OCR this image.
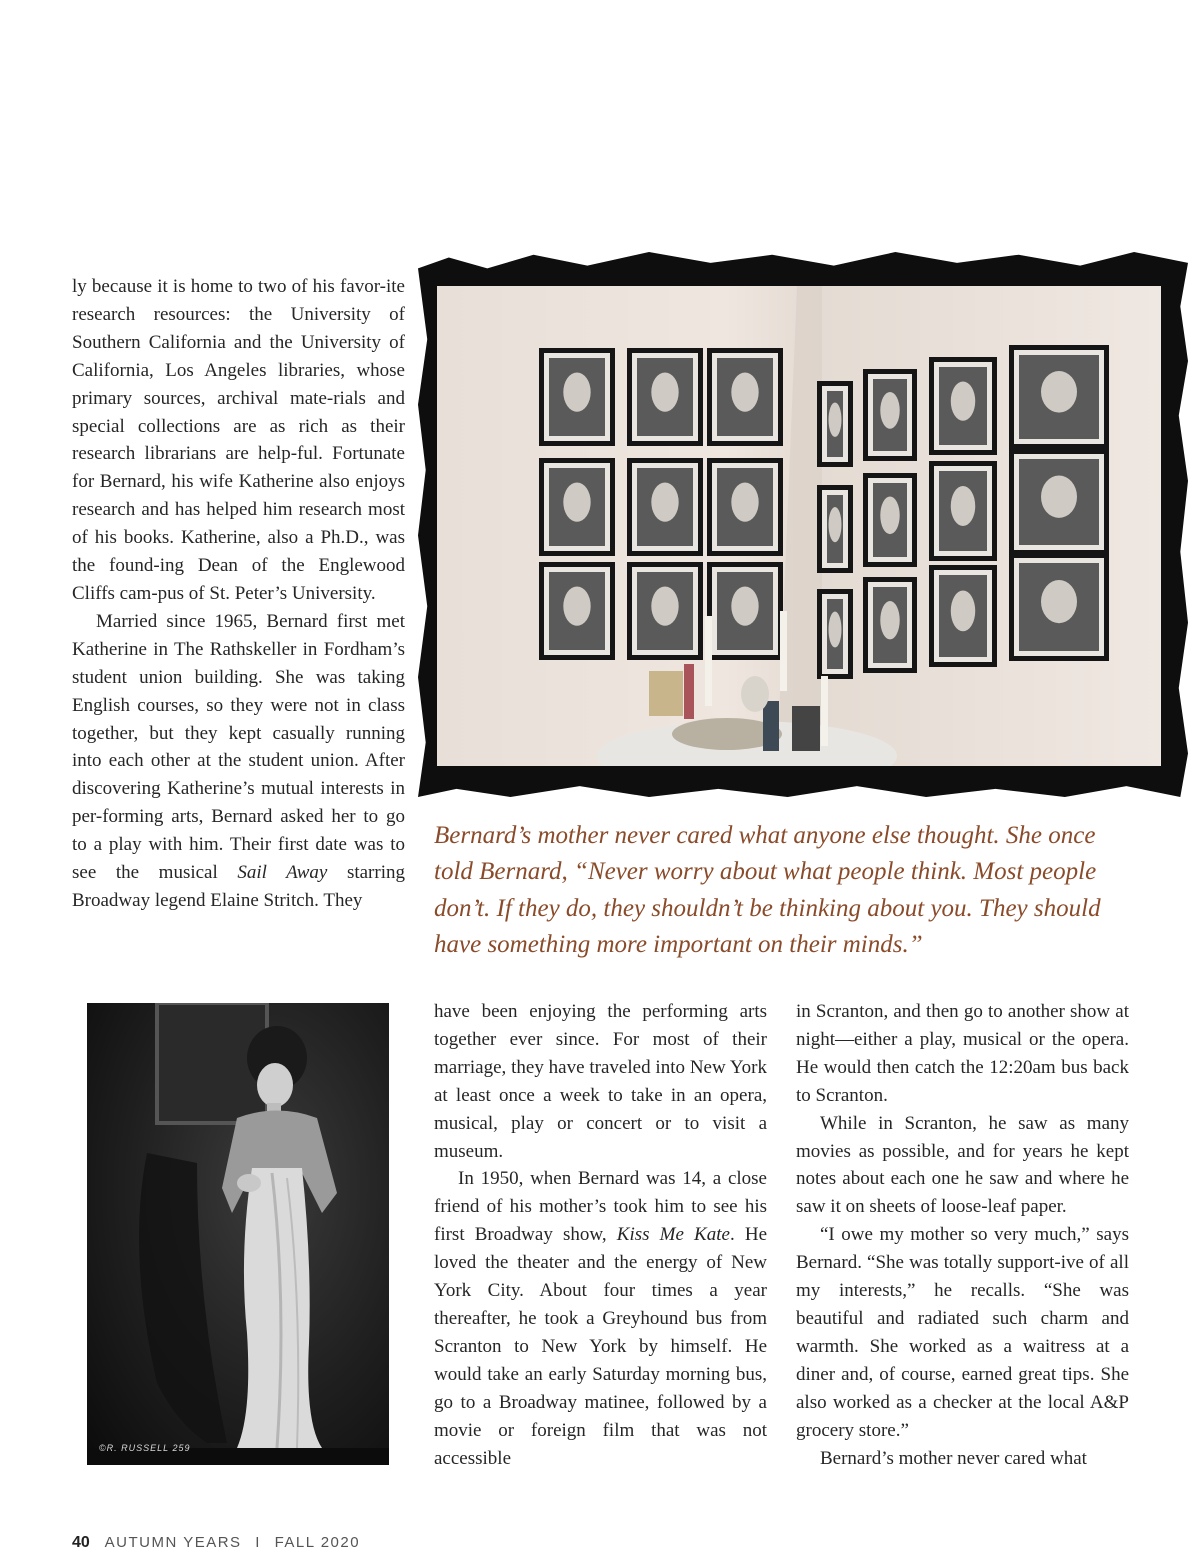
ly because it is home to two of his favor-ite research resources: the University of Southern California and the University of California, Los Angeles libraries, whose primary sources, archival mate-rials and special collections are as rich as their research librarians are help-ful. Fortunate for Bernard, his wife Katherine also enjoys research and has helped him research most of his books. Katherine, also a Ph.D., was the found-ing Dean of the Englewood Cliffs cam-pus of St. Peter’s University.

Married since 1965, Bernard first met Katherine in The Rathskeller in Fordham’s student union building. She was taking English courses, so they were not in class together, but they kept casually running into each other at the student union. After discovering Katherine’s mutual interests in per-forming arts, Bernard asked her to go to a play with him. Their first date was to see the musical Sail Away starring Broadway legend Elaine Stritch. They

Bernard’s mother never cared what anyone else thought. She once told Bernard, “Never worry about what people think. Most people don’t. If they do, they shouldn’t be thinking about you. They should have something more important on their minds.”
©R. RUSSELL 259

have been enjoying the performing arts together ever since. For most of their marriage, they have traveled into New York at least once a week to take in an opera, musical, play or concert or to visit a museum.

In 1950, when Bernard was 14, a close friend of his mother’s took him to see his first Broadway show, Kiss Me Kate. He loved the theater and the energy of New York City. About four times a year thereafter, he took a Greyhound bus from Scranton to New York by himself. He would take an early Saturday morning bus, go to a Broadway matinee, followed by a movie or foreign film that was not accessible

in Scranton, and then go to another show at night—either a play, musical or the opera. He would then catch the 12:20am bus back to Scranton.

While in Scranton, he saw as many movies as possible, and for years he kept notes about each one he saw and where he saw it on sheets of loose-leaf paper.

“I owe my mother so very much,” says Bernard. “She was totally support-ive of all my interests,” he recalls. “She was beautiful and radiated such charm and warmth. She worked as a waitress at a diner and, of course, earned great tips. She also worked as a checker at the local A&P grocery store.”

Bernard’s mother never cared what

40 AUTUMN YEARS I FALL 2020
